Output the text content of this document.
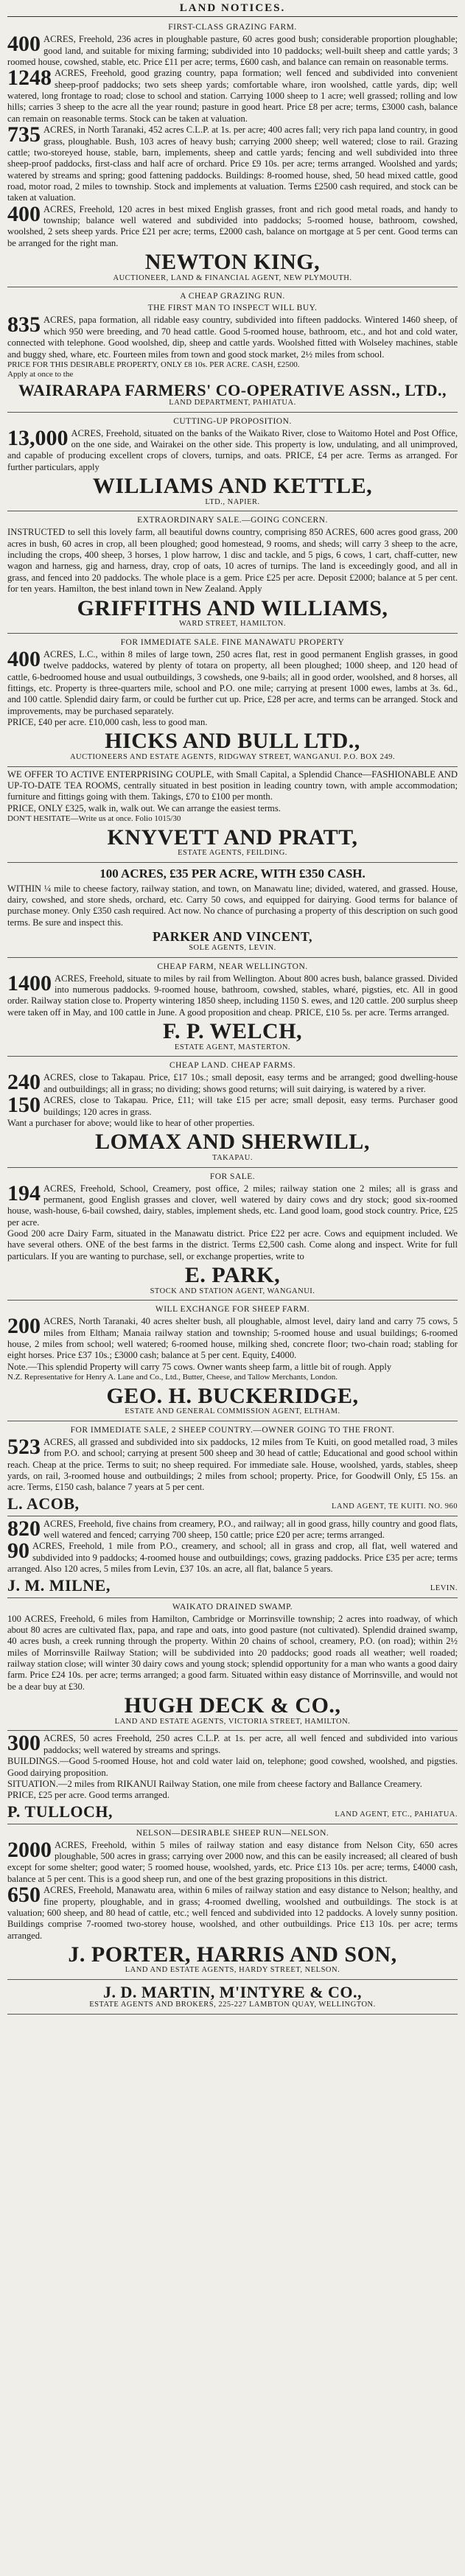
LAND NOTICES.
FIRST-CLASS GRAZING FARM.

400 ACRES, Freehold, 236 acres in ploughable pasture, 60 acres good bush; considerable proportion ploughable; good land, and suitable for mixing farming; subdivided into 10 paddocks; well-built sheep and cattle yards; 3 roomed house, cowshed, stable, etc. Price £11 per acre; terms, £600 cash, and balance can remain on reasonable terms.

1248 ACRES, Freehold, good grazing country, papa formation; well fenced and subdivided into convenient sheep-proof paddocks; two sets sheep yards; comfortable whare, iron woolshed, cattle yards, dip; well watered, long frontage to road; close to school and station. Carrying 1000 sheep to 1 acre; well grassed; rolling and low hills; carries 3 sheep to the acre all the year round; pasture in good heart. Price £8 per acre; terms, £3000 cash, balance can remain on reasonable terms. Stock can be taken at valuation.

735 ACRES, in North Taranaki, 452 acres C.L.P. at 1s. per acre; 400 acres fall; very rich papa land country, in good grass, ploughable. Bush, 103 acres of heavy bush; carrying 2000 sheep; well watered; close to rail. Grazing cattle; two-storeyed house, stable, barn, implements, sheep and cattle yards; fencing and well subdivided into three sheep-proof paddocks, first-class and half acre of orchard. Price £9 10s. per acre; terms arranged. Woolshed and yards; watered by streams and spring; good fattening paddocks. Buildings: 8-roomed house, shed, 50 head mixed cattle, good road, motor road, 2 miles to township. Stock and implements at valuation. Terms £2500 cash required, and stock can be taken at valuation.

400 ACRES, Freehold, 120 acres in best mixed English grasses, front and rich good metal roads, and handy to township; balance well watered and subdivided into paddocks; 5-roomed house, bathroom, cowshed, woolshed, 2 sets sheep yards. Price £21 per acre; terms, £2000 cash, balance on mortgage at 5 per cent. Good terms can be arranged for the right man.

NEWTON KING,
AUCTIONEER, LAND & FINANCIAL AGENT, NEW PLYMOUTH.
A CHEAP GRAZING RUN.
THE FIRST MAN TO INSPECT WILL BUY.

835 ACRES, papa formation, all ridable easy country, subdivided into fifteen paddocks. Wintered 1460 sheep, of which 950 were breeding, and 70 head cattle. Good 5-roomed house, bathroom, etc., and hot and cold water, connected with telephone. Good woolshed, dip, sheep and cattle yards. Woolshed fitted with Wolseley machines, stable and buggy shed, whare, etc. Fourteen miles from town and good stock market, 2½ miles from school.

PRICE FOR THIS DESIRABLE PROPERTY, ONLY £8 10s. PER ACRE. CASH, £2500.
Apply at once to the
WAIRARAPA FARMERS' CO-OPERATIVE ASSN., LTD.,
LAND DEPARTMENT, PAHIATUA.
CUTTING-UP PROPOSITION.

13,000 ACRES, Freehold, situated on the banks of the Waikato River, close to Waitomo Hotel and Post Office, on the one side, and Wairakei on the other side. This property is low, undulating, and all unimproved, and capable of producing excellent crops of clovers, turnips, and oats. PRICE, £4 per acre. Terms as arranged. For further particulars, apply

WILLIAMS AND KETTLE,
LTD., NAPIER.
EXTRAORDINARY SALE.—GOING CONCERN.

INSTRUCTED to sell this lovely farm, all beautiful downs country, comprising 850 ACRES, 600 acres good grass, 200 acres in bush, 60 acres in crop, all been ploughed; good homestead, 9 rooms, and sheds; will carry 3 sheep to the acre, including the crops, 400 sheep, 3 horses, 1 plow harrow, 1 disc and tackle, and 5 pigs, 6 cows, 1 cart, chaff-cutter, new wagon and harness, gig and harness, dray, crop of oats, 10 acres of turnips. The land is exceedingly good, and all in grass, and fenced into 20 paddocks. The whole place is a gem. Price £25 per acre. Deposit £2000; balance at 5 per cent. for ten years. Hamilton, the best inland town in New Zealand. Apply

GRIFFITHS AND WILLIAMS,
WARD STREET, HAMILTON.
FOR IMMEDIATE SALE. FINE MANAWATU PROPERTY

400 ACRES, L.C., within 8 miles of large town, 250 acres flat, rest in good permanent English grasses, in good twelve paddocks, watered by plenty of totara on property, all been ploughed; 1000 sheep, and 120 head of cattle, 6-bedroomed house and usual outbuildings, 3 cowsheds, one 9-bails; all in good order, woolshed, and 8 horses, all fittings, etc. Property is three-quarters mile, school and P.O. one mile; carrying at present 1000 ewes, lambs at 3s. 6d., and 100 cattle. Splendid dairy farm, or could be further cut up. Price, £28 per acre, and terms can be arranged. Stock and improvements, may be purchased separately.

PRICE, £40 per acre. £10,000 cash, less to good man.

HICKS AND BULL LTD.,
AUCTIONEERS AND ESTATE AGENTS, RIDGWAY STREET, WANGANUI. P.O. BOX 249.

WE OFFER TO ACTIVE ENTERPRISING COUPLE, with Small Capital, a Splendid Chance—FASHIONABLE AND UP-TO-DATE TEA ROOMS, centrally situated in best position in leading country town, with ample accommodation; furniture and fittings going with them. Takings, £70 to £100 per month.

PRICE, ONLY £325, walk in, walk out. We can arrange the easiest terms.

DON'T HESITATE—Write us at once. Folio 1015/30
KNYVETT AND PRATT,
ESTATE AGENTS, FEILDING.
100 ACRES, £35 PER ACRE, WITH £350 CASH.

WITHIN ¼ mile to cheese factory, railway station, and town, on Manawatu line; divided, watered, and grassed. House, dairy, cowshed, and store sheds, orchard, etc. Carry 50 cows, and equipped for dairying. Good terms for balance of purchase money. Only £350 cash required. Act now. No chance of purchasing a property of this description on such good terms. Be sure and inspect this.

PARKER AND VINCENT,
SOLE AGENTS, LEVIN.
CHEAP FARM, NEAR WELLINGTON.

1400 ACRES, Freehold, situate to miles by rail from Wellington. About 800 acres bush, balance grassed. Divided into numerous paddocks. 9-roomed house, bathroom, cowshed, stables, wharé, pigsties, etc. All in good order. Railway station close to. Property wintering 1850 sheep, including 1150 S. ewes, and 120 cattle. 200 surplus sheep were taken off in May, and 100 cattle in June. A good proposition and cheap. PRICE, £10 5s. per acre. Terms arranged.

F. P. WELCH,
ESTATE AGENT, MASTERTON.
CHEAP LAND. CHEAP FARMS.

240 ACRES, close to Takapau. Price, £17 10s.; small deposit, easy terms and be arranged; good dwelling-house and outbuildings; all in grass; no dividing; shows good returns; will suit dairying, is watered by a river.

150 ACRES, close to Takapau. Price, £11; will take £15 per acre; small deposit, easy terms. Purchaser good buildings; 120 acres in grass.

Want a purchaser for above; would like to hear of other properties.

LOMAX AND SHERWILL,
TAKAPAU.
FOR SALE.

194 ACRES, Freehold, School, Creamery, post office, 2 miles; railway station one 2 miles; all is grass and permanent, good English grasses and clover, well watered by dairy cows and dry stock; good six-roomed house, wash-house, 6-bail cowshed, dairy, stables, implement sheds, etc. Land good loam, good stock country. Price, £25 per acre.

Good 200 acre Dairy Farm, situated in the Manawatu district. Price £22 per acre. Cows and equipment included. We have several others. ONE of the best farms in the district. Terms £2,500 cash. Come along and inspect. Write for full particulars. If you are wanting to purchase, sell, or exchange properties, write to

E. PARK,
STOCK AND STATION AGENT, WANGANUI.
WILL EXCHANGE FOR SHEEP FARM.

200 ACRES, North Taranaki, 40 acres shelter bush, all ploughable, almost level, dairy land and carry 75 cows, 5 miles from Eltham; Manaia railway station and township; 5-roomed house and usual buildings; 6-roomed house, 2 miles from school; well watered; 6-roomed house, milking shed, concrete floor; two-chain road; stabling for eight horses. Price £37 10s.; £3000 cash; balance at 5 per cent. Equity, £4000.

Note.—This splendid Property will carry 75 cows. Owner wants sheep farm, a little bit of rough. Apply

N.Z. Representative for Henry A. Lane and Co., Ltd., Butter, Cheese, and Tallow Merchants, London.
GEO. H. BUCKERIDGE,
ESTATE AND GENERAL COMMISSION AGENT, ELTHAM.
FOR IMMEDIATE SALE, 2 SHEEP COUNTRY.—OWNER GOING TO THE FRONT.

523 ACRES, all grassed and subdivided into six paddocks, 12 miles from Te Kuiti, on good metalled road, 3 miles from P.O. and school; carrying at present 500 sheep and 30 head of cattle; Educational and good school within reach. Cheap at the price. Terms to suit; no sheep required. For immediate sale. House, woolshed, yards, stables, sheep yards, on rail, 3-roomed house and outbuildings; 2 miles from school; property. Price, for Goodwill Only, £5 15s. an acre. Terms, £150 cash, balance 7 years at 5 per cent.

L. ACOB,	LAND AGENT, TE KUITI. NO. 960

820 ACRES, Freehold, five chains from creamery, P.O., and railway; all in good grass, hilly country and good flats, well watered and fenced; carrying 700 sheep, 150 cattle; price £20 per acre; terms arranged.

90 ACRES, Freehold, 1 mile from P.O., creamery, and school; all in grass and crop, all flat, well watered and subdivided into 9 paddocks; 4-roomed house and outbuildings; cows, grazing paddocks. Price £35 per acre; terms arranged. Also 120 acres, 5 miles from Levin, £37 10s. an acre, all flat, balance 5 years.

J. M. MILNE,	LEVIN.
WAIKATO DRAINED SWAMP.

100 ACRES, Freehold, 6 miles from Hamilton, Cambridge or Morrinsville township; 2 acres into roadway, of which about 80 acres are cultivated flax, papa, and rape and oats, into good pasture (not cultivated). Splendid drained swamp, 40 acres bush, a creek running through the property. Within 20 chains of school, creamery, P.O. (on road); within 2½ miles of Morrinsville Railway Station; will be subdivided into 20 paddocks; good roads all weather; well roaded; railway station close; will winter 30 dairy cows and young stock; splendid opportunity for a man who wants a good dairy farm. Price £24 10s. per acre; terms arranged; a good farm. Situated within easy distance of Morrinsville, and would not be a dear buy at £30.

HUGH DECK & CO.,
LAND AND ESTATE AGENTS, VICTORIA STREET, HAMILTON.

300 ACRES, 50 acres Freehold, 250 acres C.L.P. at 1s. per acre, all well fenced and subdivided into various paddocks; well watered by streams and springs.

BUILDINGS.—Good 5-roomed House, hot and cold water laid on, telephone; good cowshed, woolshed, and pigsties. Good dairying proposition.

SITUATION.—2 miles from RIKANUI Railway Station, one mile from cheese factory and Ballance Creamery.

PRICE, £25 per acre. Good terms arranged.

P. TULLOCH,	LAND AGENT, ETC., PAHIATUA.
NELSON—DESIRABLE SHEEP RUN—NELSON.

2000 ACRES, Freehold, within 5 miles of railway station and easy distance from Nelson City, 650 acres ploughable, 500 acres in grass; carrying over 2000 now, and this can be easily increased; all cleared of bush except for some shelter; good water; 5 roomed house, woolshed, yards, etc. Price £13 10s. per acre; terms, £4000 cash, balance at 5 per cent. This is a good sheep run, and one of the best grazing propositions in this district.

650 ACRES, Freehold, Manawatu area, within 6 miles of railway station and easy distance to Nelson; healthy, and fine property, ploughable, and in grass; 4-roomed dwelling, woolshed and outbuildings. The stock is at valuation; 600 sheep, and 80 head of cattle, etc.; well fenced and subdivided into 12 paddocks. A lovely sunny position. Buildings comprise 7-roomed two-storey house, woolshed, and other outbuildings. Price £13 10s. per acre; terms arranged.

J. PORTER, HARRIS AND SON,
LAND AND ESTATE AGENTS, HARDY STREET, NELSON.
J. D. MARTIN, M'INTYRE & CO.,
ESTATE AGENTS AND BROKERS, 225-227 LAMBTON QUAY, WELLINGTON.
